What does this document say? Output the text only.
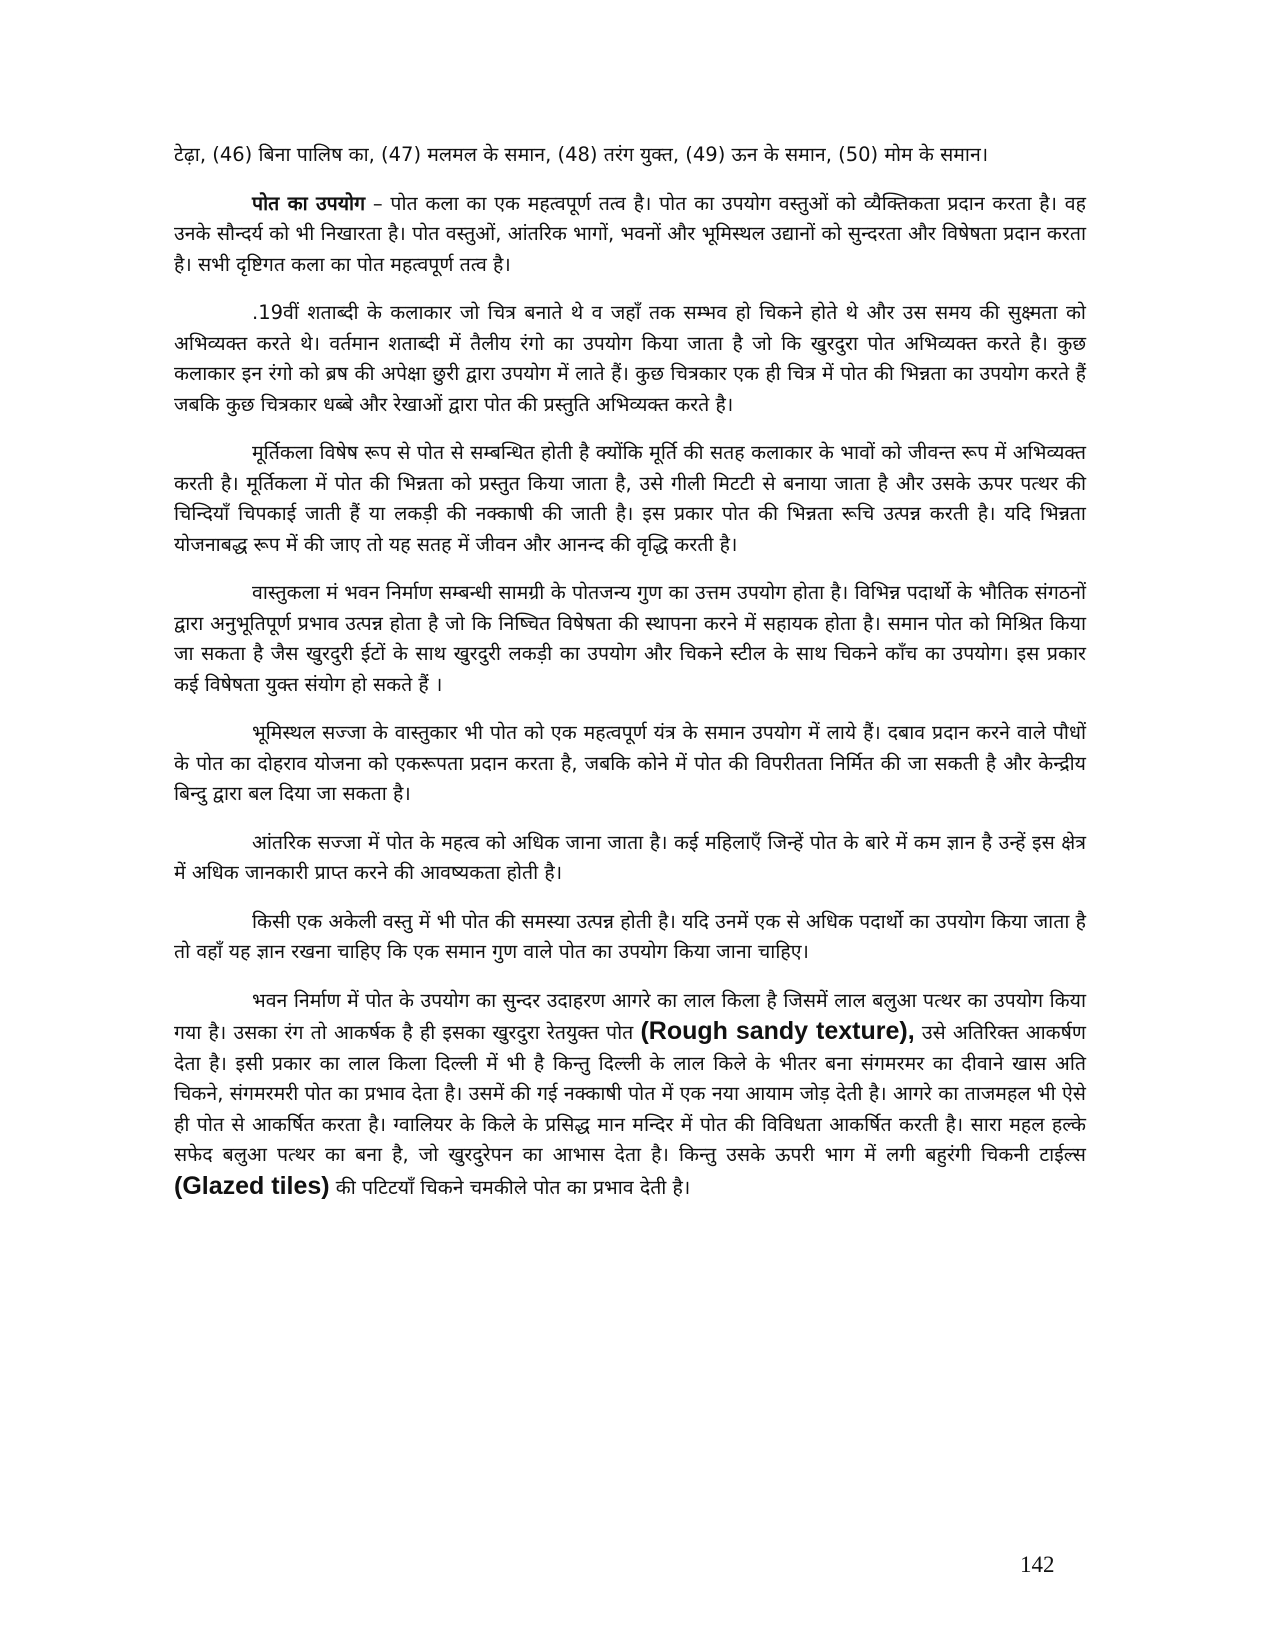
टेढ़ा, (46) बिना पालिष का, (47) मलमल के समान, (48) तरंग युक्त, (49) ऊन के समान, (50) मोम के समान।

पोत का उपयोग – पोत कला का एक महत्वपूर्ण तत्व है। पोत का उपयोग वस्तुओं को व्यैक्तिकता प्रदान करता है। वह उनके सौन्दर्य को भी निखारता है। पोत वस्तुओं, आंतरिक भागों, भवनों और भूमिस्थल उद्यानों को सुन्दरता और विषेषता प्रदान करता है। सभी दृष्टिगत कला का पोत महत्वपूर्ण तत्व है।

.19वीं शताब्दी के कलाकार जो चित्र बनाते थे व जहाँ तक सम्भव हो चिकने होते थे और उस समय की सुक्ष्मता को अभिव्यक्त करते थे। वर्तमान शताब्दी में तैलीय रंगो का उपयोग किया जाता है जो कि खुरदुरा पोत अभिव्यक्त करते है। कुछ कलाकार इन रंगो को ब्रष की अपेक्षा छुरी द्वारा उपयोग में लाते हैं। कुछ चित्रकार एक ही चित्र में पोत की भिन्नता का उपयोग करते हैं जबकि कुछ चित्रकार धब्बे और रेखाओं द्वारा पोत की प्रस्तुति अभिव्यक्त करते है।

मूर्तिकला विषेष रूप से पोत से सम्बन्धित होती है क्योंकि मूर्ति की सतह कलाकार के भावों को जीवन्त रूप में अभिव्यक्त करती है। मूर्तिकला में पोत की भिन्नता को प्रस्तुत किया जाता है, उसे गीली मिटटी से बनाया जाता है और उसके ऊपर पत्थर की चिन्दियाँ चिपकाई जाती हैं या लकड़ी की नक्काषी की जाती है। इस प्रकार पोत की भिन्नता रूचि उत्पन्न करती है। यदि भिन्नता योजनाबद्ध रूप में की जाए तो यह सतह में जीवन और आनन्द की वृद्धि करती है।

वास्तुकला मं भवन निर्माण सम्बन्धी सामग्री के पोतजन्य गुण का उत्तम उपयोग होता है। विभिन्न पदार्थो के भौतिक संगठनों द्वारा अनुभूतिपूर्ण प्रभाव उत्पन्न होता है जो कि निष्चित विषेषता की स्थापना करने में सहायक होता है। समान पोत को मिश्रित किया जा सकता है जैस खुरदुरी ईटों के साथ खुरदुरी लकड़ी का उपयोग और चिकने स्टील के साथ चिकने काँच का उपयोग। इस प्रकार कई विषेषता युक्त संयोग हो सकते हैं ।

भूमिस्थल सज्जा के वास्तुकार भी पोत को एक महत्वपूर्ण यंत्र के समान उपयोग में लाये हैं। दबाव प्रदान करने वाले पौधों के पोत का दोहराव योजना को एकरूपता प्रदान करता है, जबकि कोने में पोत की विपरीतता निर्मित की जा सकती है और केन्द्रीय बिन्दु द्वारा बल दिया जा सकता है।

आंतरिक सज्जा में पोत के महत्व को अधिक जाना जाता है। कई महिलाएँ जिन्हें पोत के बारे में कम ज्ञान है उन्हें इस क्षेत्र में अधिक जानकारी प्राप्त करने की आवष्यकता होती है।

किसी एक अकेली वस्तु में भी पोत की समस्या उत्पन्न होती है। यदि उनमें एक से अधिक पदार्थो का उपयोग किया जाता है तो वहाँ यह ज्ञान रखना चाहिए कि एक समान गुण वाले पोत का उपयोग किया जाना चाहिए।

भवन निर्माण में पोत के उपयोग का सुन्दर उदाहरण आगरे का लाल किला है जिसमें लाल बलुआ पत्थर का उपयोग किया गया है। उसका रंग तो आकर्षक है ही इसका खुरदुरा रेतयुक्त पोत (Rough sandy texture), उसे अतिरिक्त आकर्षण देता है। इसी प्रकार का लाल किला दिल्ली में भी है किन्तु दिल्ली के लाल किले के भीतर बना संगमरमर का दीवाने खास अति चिकने, संगमरमरी पोत का प्रभाव देता है। उसमें की गई नक्काषी पोत में एक नया आयाम जोड़ देती है। आगरे का ताजमहल भी ऐसे ही पोत से आकर्षित करता है। ग्वालियर के किले के प्रसिद्ध मान मन्दिर में पोत की विविधता आकर्षित करती है। सारा महल हल्के सफेद बलुआ पत्थर का बना है, जो खुरदुरेपन का आभास देता है। किन्तु उसके ऊपरी भाग में लगी बहुरंगी चिकनी टाईल्स (Glazed tiles) की पटिटयाँ चिकने चमकीले पोत का प्रभाव देती है।

142
